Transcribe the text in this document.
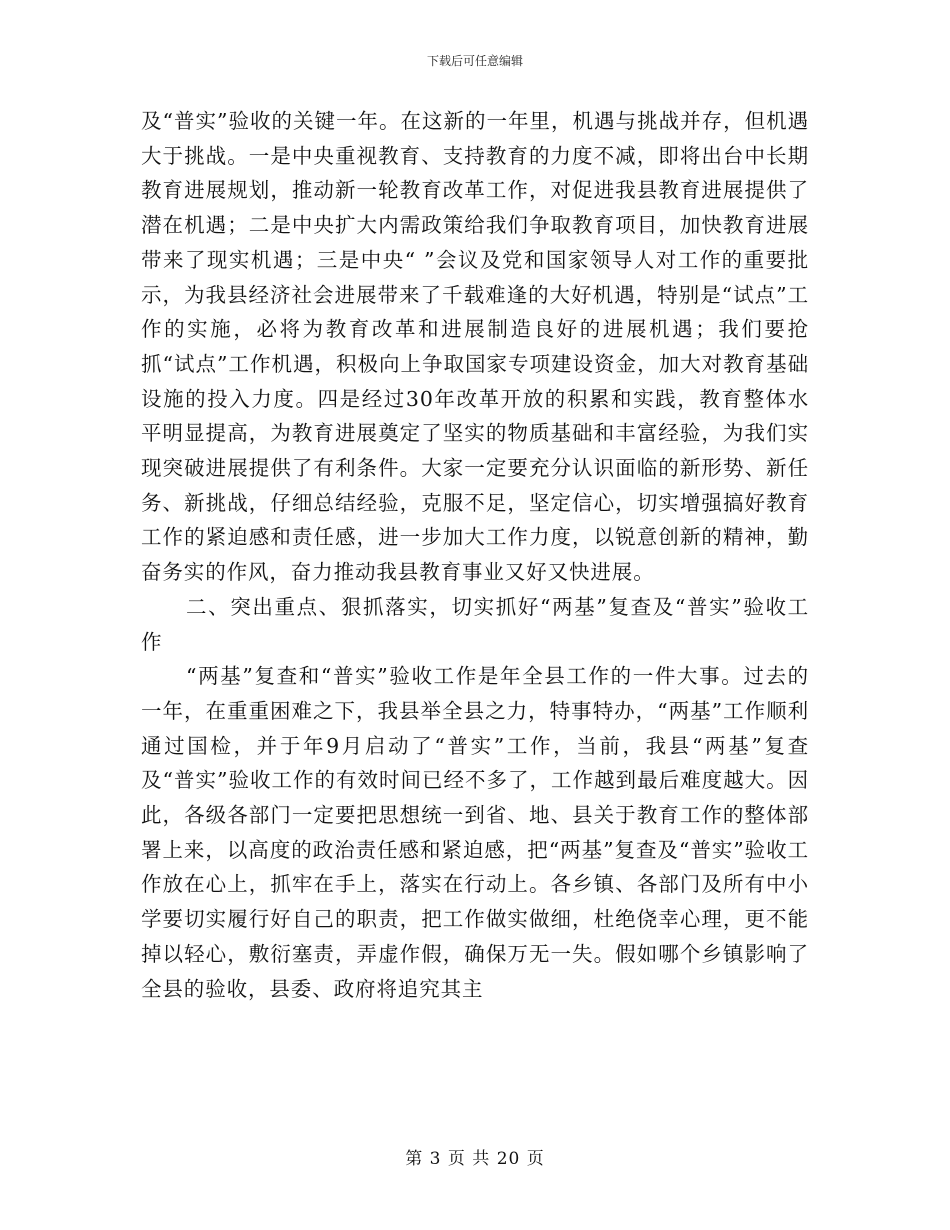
下载后可任意编辑

及“普实”验收的关键一年。在这新的一年里，机遇与挑战并存，但机遇大于挑战。一是中央重视教育、支持教育的力度不减，即将出台中长期教育进展规划，推动新一轮教育改革工作，对促进我县教育进展提供了潜在机遇；二是中央扩大内需政策给我们争取教育项目，加快教育进展带来了现实机遇；三是中央“ ”会议及党和国家领导人对工作的重要批示，为我县经济社会进展带来了千载难逢的大好机遇，特别是“试点”工作的实施，必将为教育改革和进展制造良好的进展机遇；我们要抢抓“试点”工作机遇，积极向上争取国家专项建设资金，加大对教育基础设施的投入力度。四是经过30年改革开放的积累和实践，教育整体水平明显提高，为教育进展奠定了坚实的物质基础和丰富经验，为我们实现突破进展提供了有利条件。大家一定要充分认识面临的新形势、新任务、新挑战，仔细总结经验，克服不足，坚定信心，切实增强搞好教育工作的紧迫感和责任感，进一步加大工作力度，以锐意创新的精神，勤奋务实的作风，奋力推动我县教育事业又好又快进展。

二、突出重点、狠抓落实，切实抓好“两基”复查及“普实”验收工作

“两基”复查和“普实”验收工作是年全县工作的一件大事。过去的一年，在重重困难之下，我县举全县之力，特事特办，“两基”工作顺利通过国检，并于年9月启动了“普实”工作，当前，我县“两基”复查及“普实”验收工作的有效时间已经不多了，工作越到最后难度越大。因此，各级各部门一定要把思想统一到省、地、县关于教育工作的整体部署上来，以高度的政治责任感和紧迫感，把“两基”复查及“普实”验收工作放在心上，抓牢在手上，落实在行动上。各乡镇、各部门及所有中小学要切实履行好自己的职责，把工作做实做细，杜绝侥幸心理，更不能掉以轻心，敷衍塞责，弄虚作假，确保万无一失。假如哪个乡镇影响了全县的验收，县委、政府将追究其主

第 3 页 共 20 页
